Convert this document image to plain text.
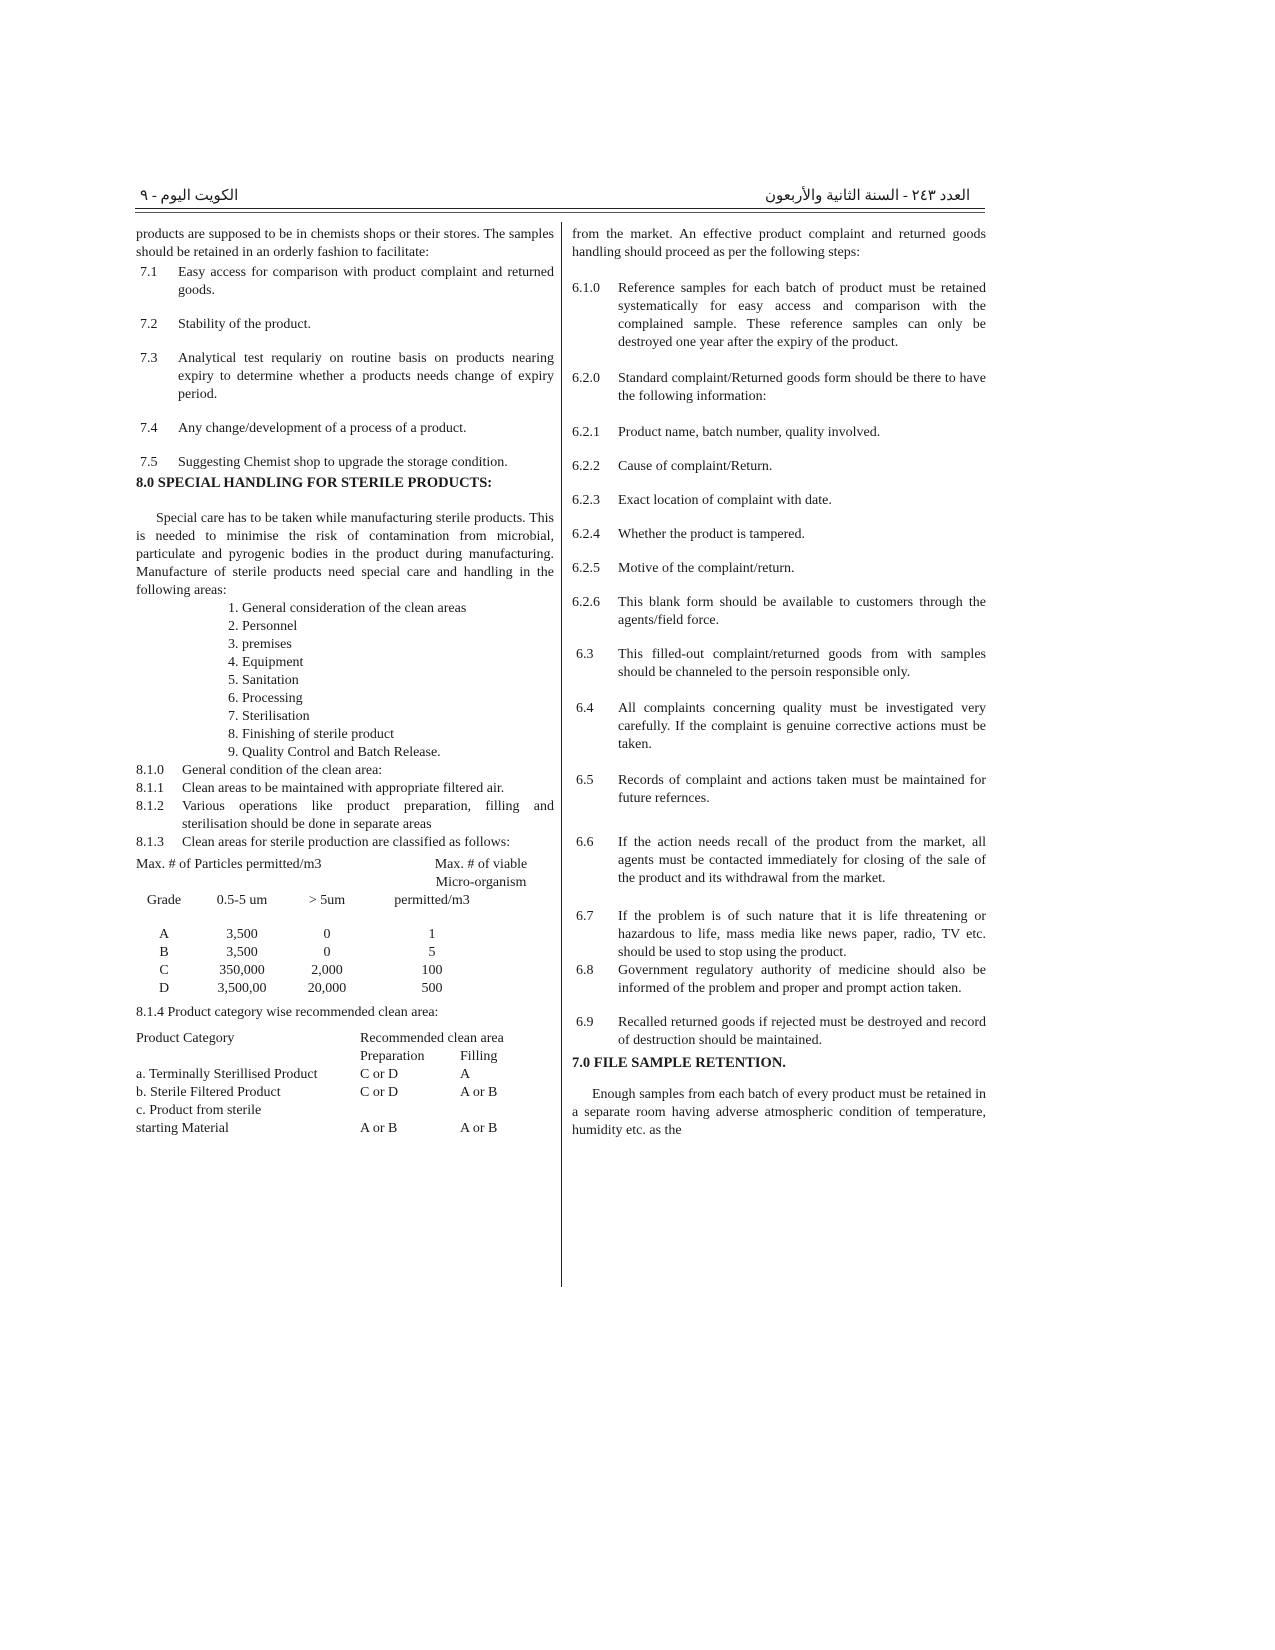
الكويت اليوم - ٩	العدد ٢٤٣ - السنة الثانية والأربعون

products are supposed to be in chemists shops or their stores. The samples should be retained in an orderly fashion to facilitate:

7.1	Easy access for comparison with product complaint and returned goods.
7.2	Stability of the product.
7.3	Analytical test requlariy on routine basis on products nearing expiry to determine whether a products needs change of expiry period.
7.4	Any change/development of a process of a product.
7.5	Suggesting Chemist shop to upgrade the storage condition.

8.0 SPECIAL HANDLING FOR STERILE PRODUCTS:

Special care has to be taken while manufacturing sterile products. This is needed to minimise the risk of contamination from microbial, particulate and pyrogenic bodies in the product during manufacturing. Manufacture of sterile products need special care and handling in the following areas:

1. General consideration of the clean areas
2. Personnel
3. premises
4. Equipment
5. Sanitation
6. Processing
7. Sterilisation
8. Finishing of sterile product
9. Quality Control and Batch Release.
8.1.0	General condition of the clean area:
8.1.1	Clean areas to be maintained with appropriate filtered air.
8.1.2	Various operations like product preparation, filling and sterilisation should be done in separate areas
8.1.3	Clean areas for sterile production are classified as follows:
Max. # of Particles permitted/m3	Max. # of viable
Micro-organism
Grade	0.5-5 um	> 5um	permitted/m3
A	3,500	0	1
B	3,500	0	5
C	350,000	2,000	100
D	3,500,00	20,000	500

8.1.4 Product category wise recommended clean area:

Product Category	Recommended clean area
Preparation	Filling
a. Terminally Sterillised Product	C or D	A
b. Sterile Filtered Product	C or D	A or B
c. Product from sterile
starting Material	A or B	A or B

from the market. An effective product complaint and returned goods handling should proceed as per the following steps:

6.1.0	Reference samples for each batch of product must be retained systematically for easy access and comparison with the complained sample. These reference samples can only be destroyed one year after the expiry of the product.
6.2.0	Standard complaint/Returned goods form should be there to have the following information:
6.2.1	Product name, batch number, quality involved.
6.2.2	Cause of complaint/Return.
6.2.3	Exact location of complaint with date.
6.2.4	Whether the product is tampered.
6.2.5	Motive of the complaint/return.
6.2.6	This blank form should be available to customers through the agents/field force.
6.3	This filled-out complaint/returned goods from with samples should be channeled to the persoin responsible only.
6.4	All complaints concerning quality must be investigated very carefully. If the complaint is genuine corrective actions must be taken.
6.5	Records of complaint and actions taken must be maintained for future refernces.
6.6	If the action needs recall of the product from the market, all agents must be contacted immediately for closing of the sale of the product and its withdrawal from the market.
6.7	If the problem is of such nature that it is life threatening or hazardous to life, mass media like news paper, radio, TV etc. should be used to stop using the product.
6.8	Government regulatory authority of medicine should also be informed of the problem and proper and prompt action taken.
6.9	Recalled returned goods if rejected must be destroyed and record of destruction should be maintained.

7.0 FILE SAMPLE RETENTION.

Enough samples from each batch of every product must be retained in a separate room having adverse atmospheric condition of temperature, humidity etc. as the
